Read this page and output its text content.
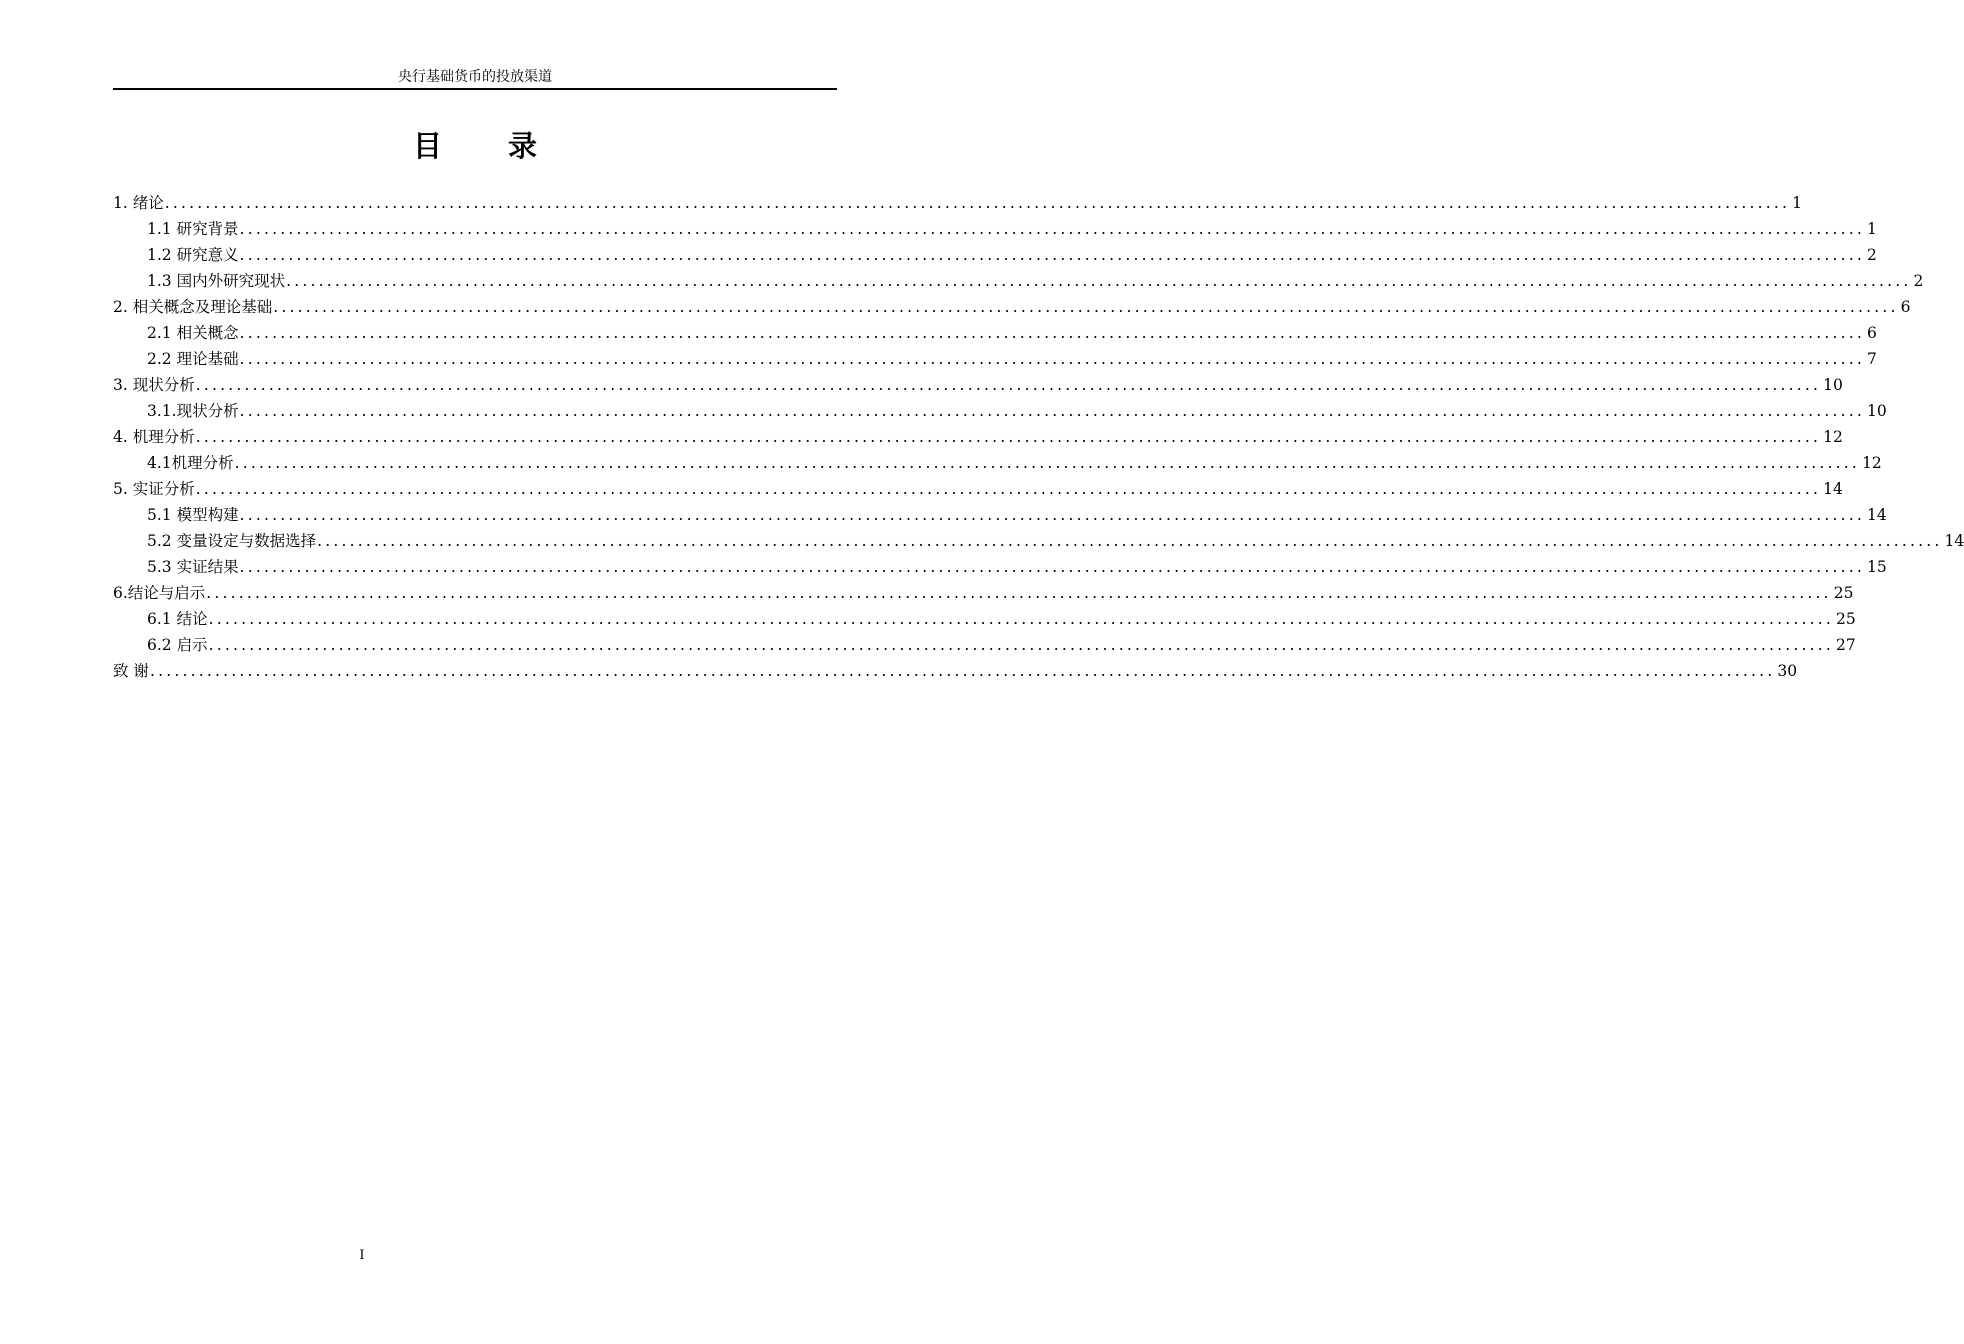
央行基础货币的投放渠道
目 录
1. 绪论 ........................................................................................................................................................................................................ 1
1.1 研究背景 ........................................................................................................................................................................................................ 1
1.2 研究意义 ........................................................................................................................................................................................................ 2
1.3 国内外研究现状 ........................................................................................................................................................................................................ 2
2. 相关概念及理论基础 ........................................................................................................................................................................................................ 6
2.1 相关概念 ........................................................................................................................................................................................................ 6
2.2 理论基础 ........................................................................................................................................................................................................ 7
3. 现状分析 ........................................................................................................................................................................................................ 10
3.1.现状分析 ........................................................................................................................................................................................................ 10
4. 机理分析 ........................................................................................................................................................................................................ 12
4.1机理分析 ........................................................................................................................................................................................................ 12
5. 实证分析 ........................................................................................................................................................................................................ 14
5.1 模型构建 ........................................................................................................................................................................................................ 14
5.2 变量设定与数据选择 ........................................................................................................................................................................................................ 14
5.3 实证结果 ........................................................................................................................................................................................................ 15
6.结论与启示 ........................................................................................................................................................................................................ 25
6.1 结论 ........................................................................................................................................................................................................ 25
6.2 启示 ........................................................................................................................................................................................................ 27
致 谢 ........................................................................................................................................................................................................ 30
I
